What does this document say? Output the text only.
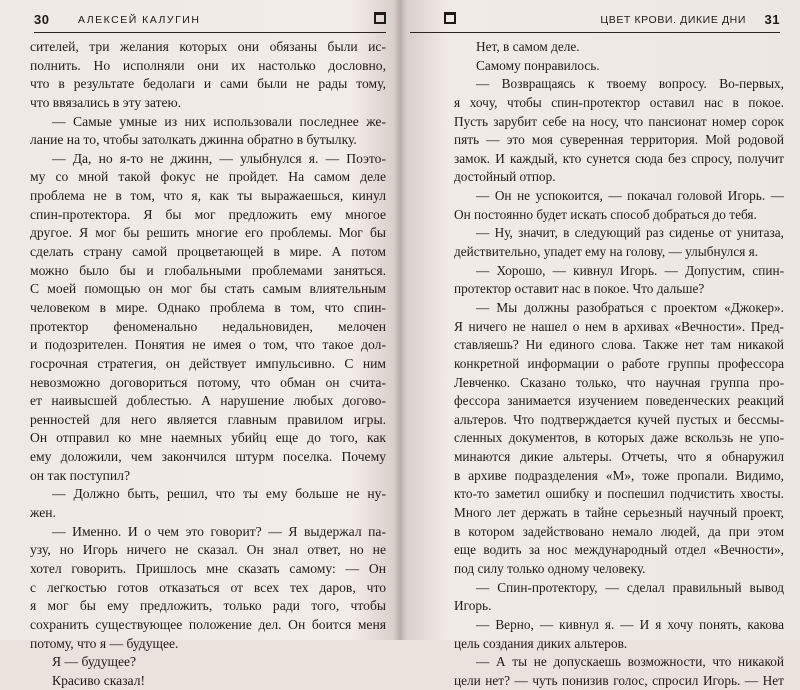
30	АЛЕКСЕЙ КАЛУГИН
сителей, три желания которых они обязаны были ис-
полнить. Но исполняли они их настолько дословно,
что в результате бедолаги и сами были не рады тому,
что ввязались в эту затею.
— Самые умные из них использовали последнее же-
лание на то, чтобы затолкать джинна обратно в бутылку.
— Да, но я-то не джинн, — улыбнулся я. — Поэто-
му со мной такой фокус не пройдет. На самом деле
проблема не в том, что я, как ты выражаешься, кинул
спин-протектора. Я бы мог предложить ему многое
другое. Я мог бы решить многие его проблемы. Мог бы
сделать страну самой процветающей в мире. А потом
можно было бы и глобальными проблемами заняться.
С моей помощью он мог бы стать самым влиятельным
человеком в мире. Однако проблема в том, что спин-
протектор феноменально недальновиден, мелочен
и подозрителен. Понятия не имея о том, что такое дол-
госрочная стратегия, он действует импульсивно. С ним
невозможно договориться потому, что обман он счита-
ет наивысшей доблестью. А нарушение любых догово-
ренностей для него является главным правилом игры.
Он отправил ко мне наемных убийц еще до того, как
ему доложили, чем закончился штурм поселка. Почему
он так поступил?
— Должно быть, решил, что ты ему больше не ну-
жен.
— Именно. И о чем это говорит? — Я выдержал па-
узу, но Игорь ничего не сказал. Он знал ответ, но не
хотел говорить. Пришлось мне сказать самому: — Он
с легкостью готов отказаться от всех тех даров, что
я мог бы ему предложить, только ради того, чтобы
сохранить существующее положение дел. Он боится меня
потому, что я — будущее.
Я — будущее?
Красиво сказал!
ЦВЕТ КРОВИ. ДИКИЕ ДНИ 31
Нет, в самом деле.
Самому понравилось.
— Возвращаясь к твоему вопросу. Во-первых,
я хочу, чтобы спин-протектор оставил нас в покое.
Пусть зарубит себе на носу, что пансионат номер сорок
пять — это моя суверенная территория. Мой родовой
замок. И каждый, кто сунется сюда без спросу, получит
достойный отпор.
— Он не успокоится, — покачал головой Игорь. —
Он постоянно будет искать способ добраться до тебя.
— Ну, значит, в следующий раз сиденье от унитаза,
действительно, упадет ему на голову, — улыбнулся я.
— Хорошо, — кивнул Игорь. — Допустим, спин-
протектор оставит нас в покое. Что дальше?
— Мы должны разобраться с проектом «Джокер».
Я ничего не нашел о нем в архивах «Вечности». Пред-
ставляешь? Ни единого слова. Также нет там никакой
конкретной информации о работе группы профессора
Левченко. Сказано только, что научная группа про-
фессора занимается изучением поведенческих реакций
альтеров. Что подтверждается кучей пустых и бессмы-
сленных документов, в которых даже вскользь не упо-
минаются дикие альтеры. Отчеты, что я обнаружил
в архиве подразделения «М», тоже пропали. Видимо,
кто-то заметил ошибку и поспешил подчистить хвосты.
Много лет держать в тайне серьезный научный проект,
в котором задействовано немало людей, да при этом
еще водить за нос международный отдел «Вечности»,
под силу только одному человеку.
— Спин-протектору, — сделал правильный вывод
Игорь.
— Верно, — кивнул я. — И я хочу понять, какова
цель создания диких альтеров.
— А ты не допускаешь возможности, что никакой
цели нет? — чуть понизив голос, спросил Игорь. — Нет
